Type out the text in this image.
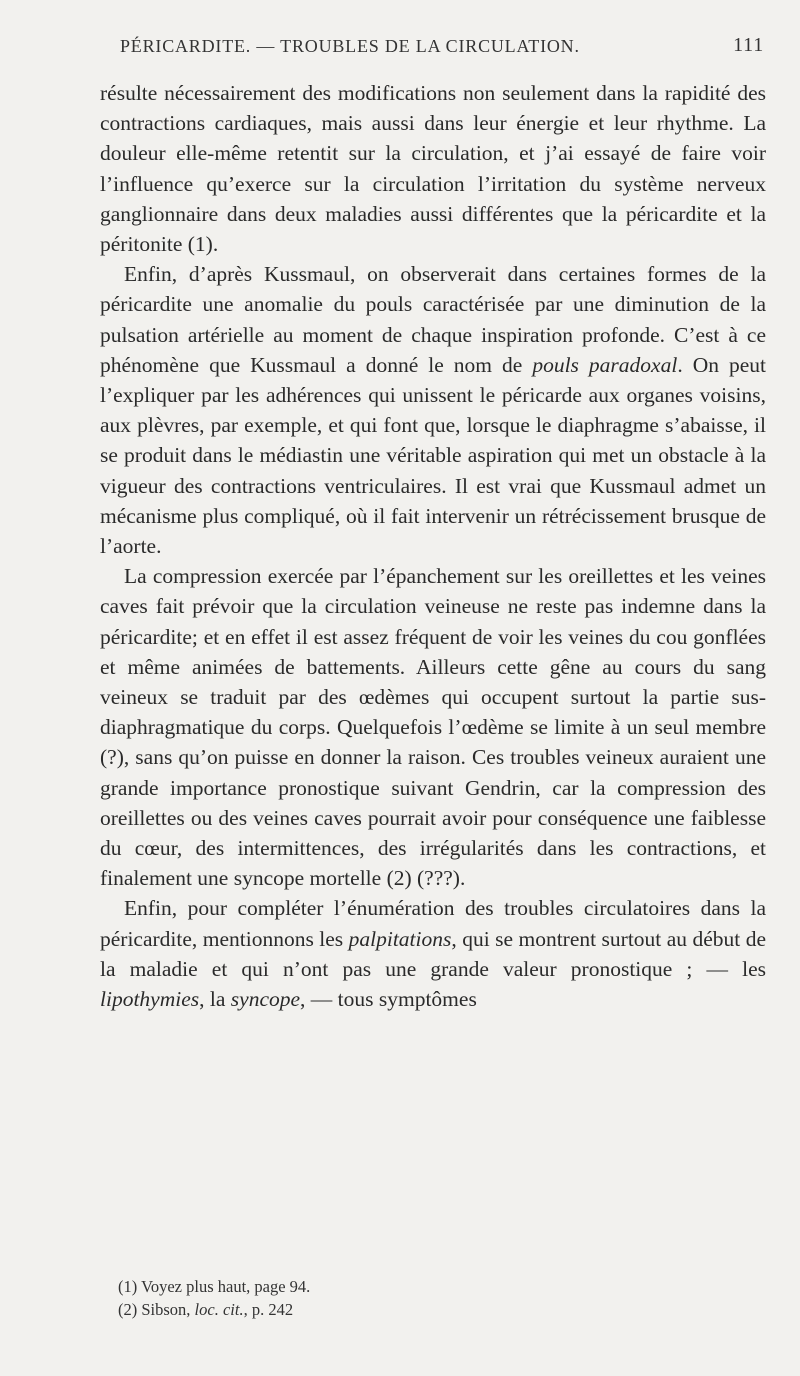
PÉRICARDITE. — TROUBLES DE LA CIRCULATION.	111

résulte nécessairement des modifications non seulement dans la rapidité des contractions cardiaques, mais aussi dans leur énergie et leur rhythme. La douleur elle-même retentit sur la circulation, et j’ai essayé de faire voir l’influence qu’exerce sur la circulation l’irritation du système nerveux ganglionnaire dans deux maladies aussi différentes que la péricardite et la péritonite (1).

Enfin, d’après Kussmaul, on observerait dans certaines formes de la péricardite une anomalie du pouls caractérisée par une diminution de la pulsation artérielle au moment de chaque inspiration profonde. C’est à ce phénomène que Kussmaul a donné le nom de pouls paradoxal. On peut l’expliquer par les adhérences qui unissent le péricarde aux organes voisins, aux plèvres, par exemple, et qui font que, lorsque le diaphragme s’abaisse, il se produit dans le médiastin une véritable aspiration qui met un obstacle à la vigueur des contractions ventriculaires. Il est vrai que Kussmaul admet un mécanisme plus compliqué, où il fait intervenir un rétrécissement brusque de l’aorte.

La compression exercée par l’épanchement sur les oreillettes et les veines caves fait prévoir que la circulation veineuse ne reste pas indemne dans la péricardite; et en effet il est assez fréquent de voir les veines du cou gonflées et même animées de battements. Ailleurs cette gêne au cours du sang veineux se traduit par des œdèmes qui occupent surtout la partie sus-diaphragmatique du corps. Quelquefois l’œdème se limite à un seul membre (?), sans qu’on puisse en donner la raison. Ces troubles veineux auraient une grande importance pronostique suivant Gendrin, car la compression des oreillettes ou des veines caves pourrait avoir pour conséquence une faiblesse du cœur, des intermittences, des irrégularités dans les contractions, et finalement une syncope mortelle (2) (???).

Enfin, pour compléter l’énumération des troubles circulatoires dans la péricardite, mentionnons les palpitations, qui se montrent surtout au début de la maladie et qui n’ont pas une grande valeur pronostique ; — les lipothymies, la syncope, — tous symptômes

(1) Voyez plus haut, page 94.
(2) Sibson, loc. cit., p. 242
